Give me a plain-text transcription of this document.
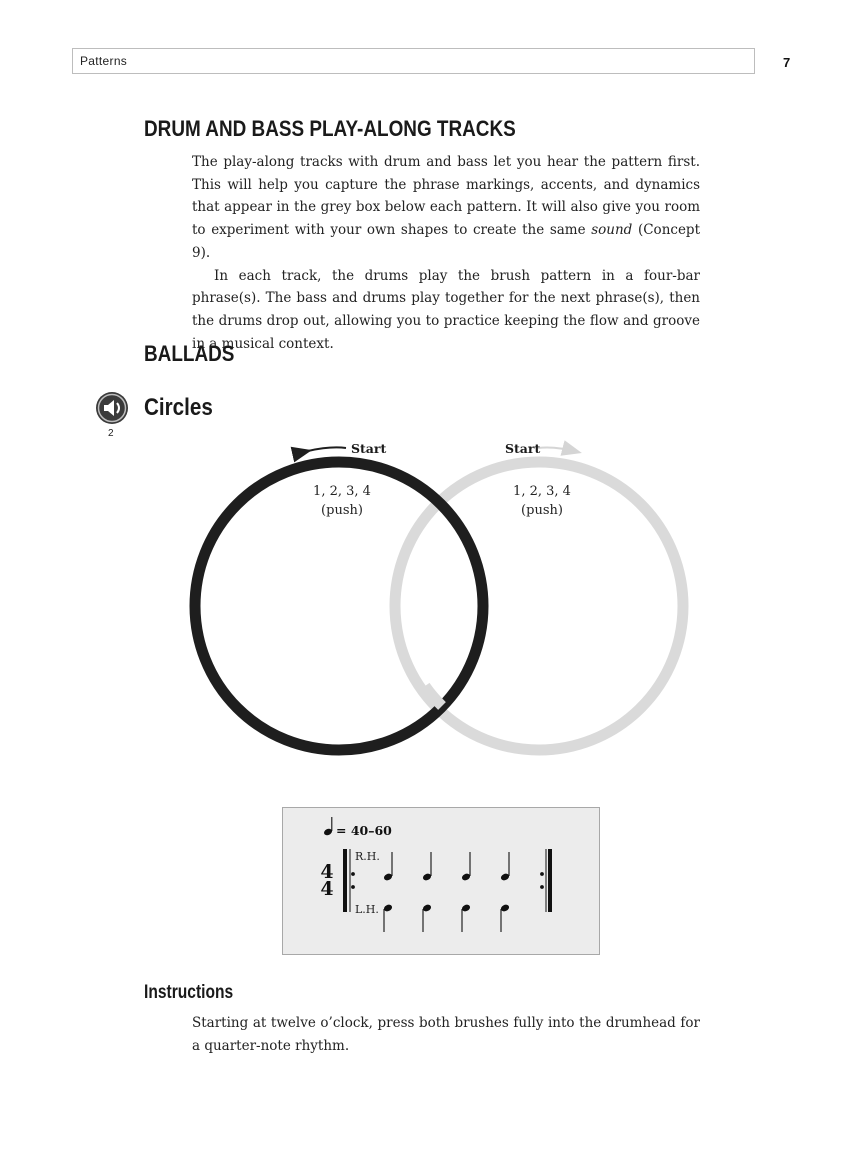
Patterns	7
DRUM AND BASS PLAY-ALONG TRACKS

The play-along tracks with drum and bass let you hear the pattern first. This will help you capture the phrase markings, accents, and dynamics that appear in the grey box below each pattern. It will also give you room to experiment with your own shapes to create the same sound (Concept 9).

In each track, the drums play the brush pattern in a four-bar phrase(s). The bass and drums play together for the next phrase(s), then the drums drop out, allowing you to practice keeping the flow and groove in a musical context.

BALLADS
2
Circles
Start	Start
1, 2, 3, 4
(push)
1, 2, 3, 4
(push)
= 40–60
4
4
R.H.
L.H.
Instructions

Starting at twelve o’clock, press both brushes fully into the drumhead for a quarter-note rhythm.
